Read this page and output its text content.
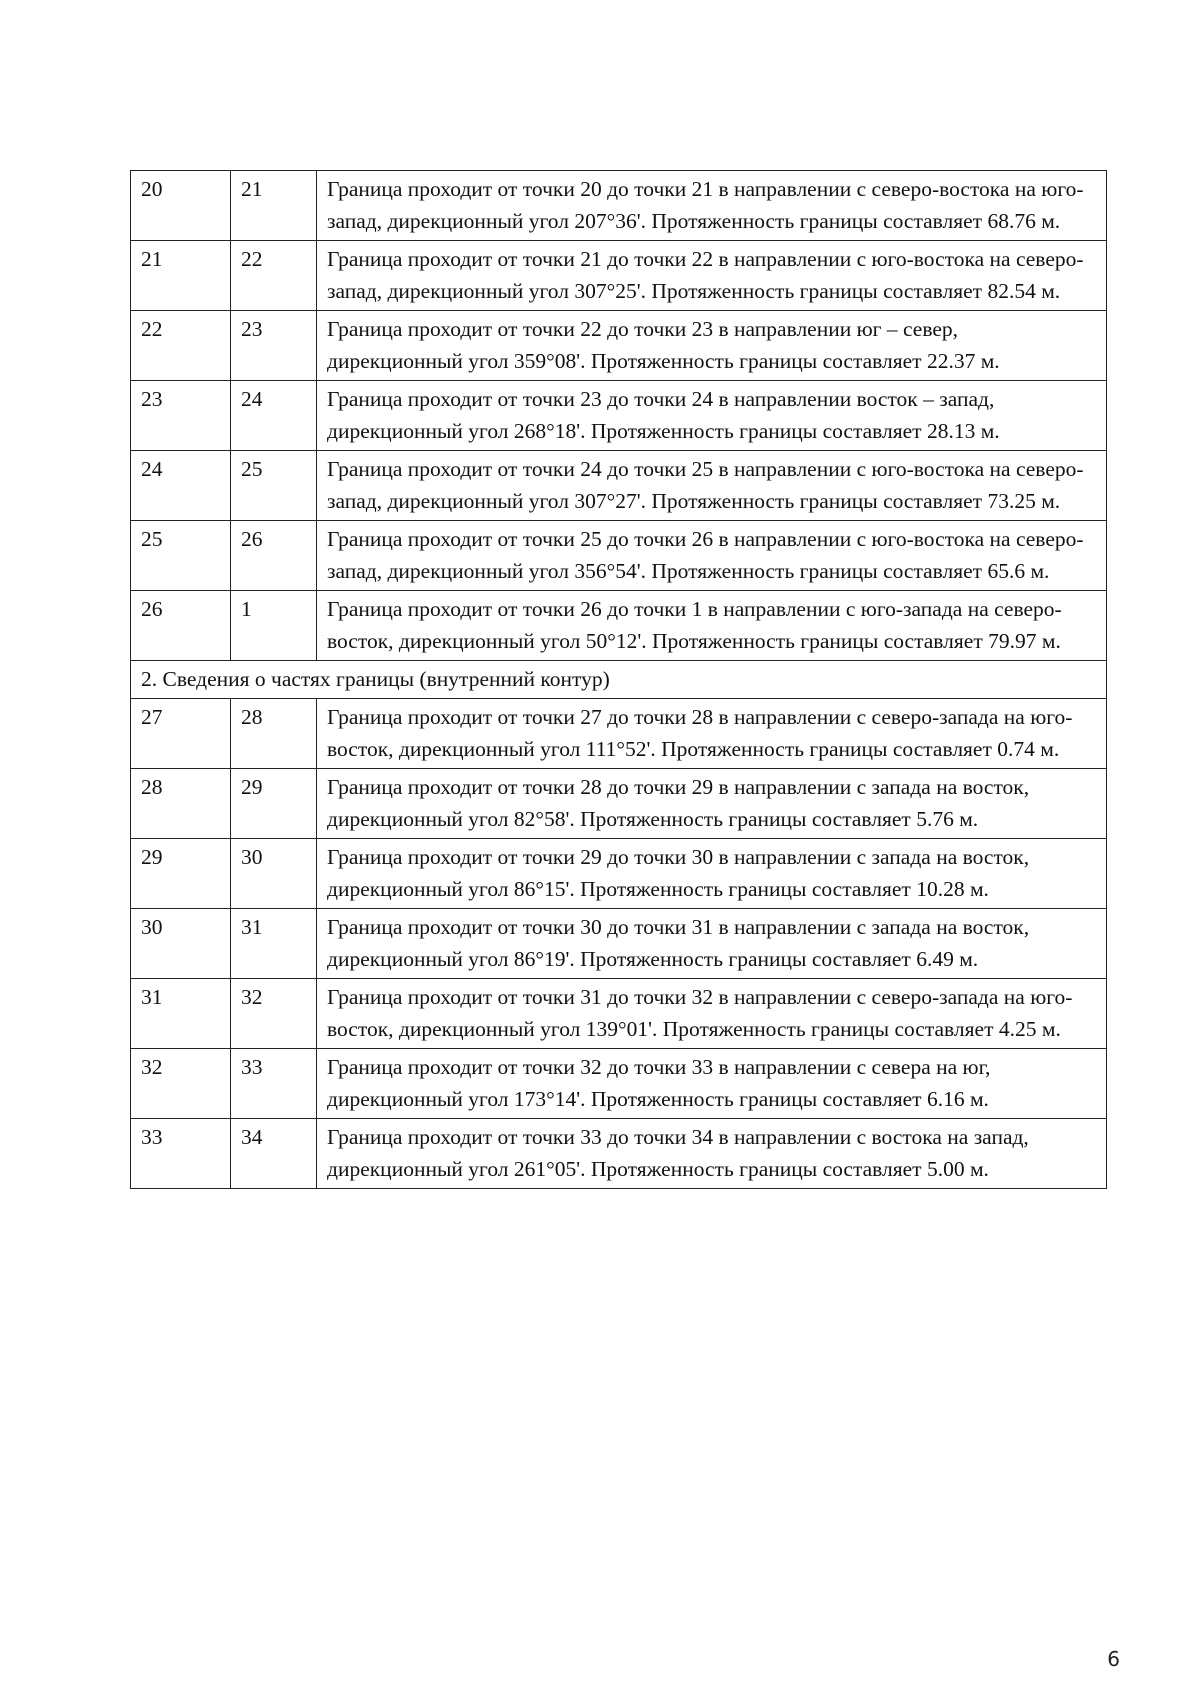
20	21	Граница проходит от точки 20 до точки 21 в направлении с северо-востока на юго-запад, дирекционный угол 207°36'. Протяженность границы составляет 68.76 м.
21	22	Граница проходит от точки 21 до точки 22 в направлении с юго-востока на северо-запад, дирекционный угол 307°25'. Протяженность границы составляет 82.54 м.
22	23	Граница проходит от точки 22 до точки 23 в направлении юг – север, дирекционный угол 359°08'. Протяженность границы составляет 22.37 м.
23	24	Граница проходит от точки 23 до точки 24 в направлении восток – запад, дирекционный угол 268°18'. Протяженность границы составляет 28.13 м.
24	25	Граница проходит от точки 24 до точки 25 в направлении с юго-востока на северо-запад, дирекционный угол 307°27'. Протяженность границы составляет 73.25 м.
25	26	Граница проходит от точки 25 до точки 26 в направлении с юго-востока на северо-запад, дирекционный угол 356°54'. Протяженность границы составляет 65.6 м.
26	1	Граница проходит от точки 26 до точки 1 в направлении с юго-запада на северо-восток, дирекционный угол 50°12'. Протяженность границы составляет 79.97 м.
2. Сведения о частях границы (внутренний контур)		
27	28	Граница проходит от точки 27 до точки 28 в направлении с северо-запада на юго-восток, дирекционный угол 111°52'. Протяженность границы составляет 0.74 м.
28	29	Граница проходит от точки 28 до точки 29 в направлении с запада на восток, дирекционный угол 82°58'. Протяженность границы составляет 5.76 м.
29	30	Граница проходит от точки 29 до точки 30 в направлении с запада на восток, дирекционный угол 86°15'. Протяженность границы составляет 10.28 м.
30	31	Граница проходит от точки 30 до точки 31 в направлении с запада на восток, дирекционный угол 86°19'. Протяженность границы составляет 6.49 м.
31	32	Граница проходит от точки 31 до точки 32 в направлении с северо-запада на юго-восток, дирекционный угол 139°01'. Протяженность границы составляет 4.25 м.
32	33	Граница проходит от точки 32 до точки 33 в направлении с севера на юг, дирекционный угол 173°14'. Протяженность границы составляет 6.16 м.
33	34	Граница проходит от точки 33 до точки 34 в направлении с востока на запад, дирекционный угол 261°05'. Протяженность границы составляет 5.00 м.
6
